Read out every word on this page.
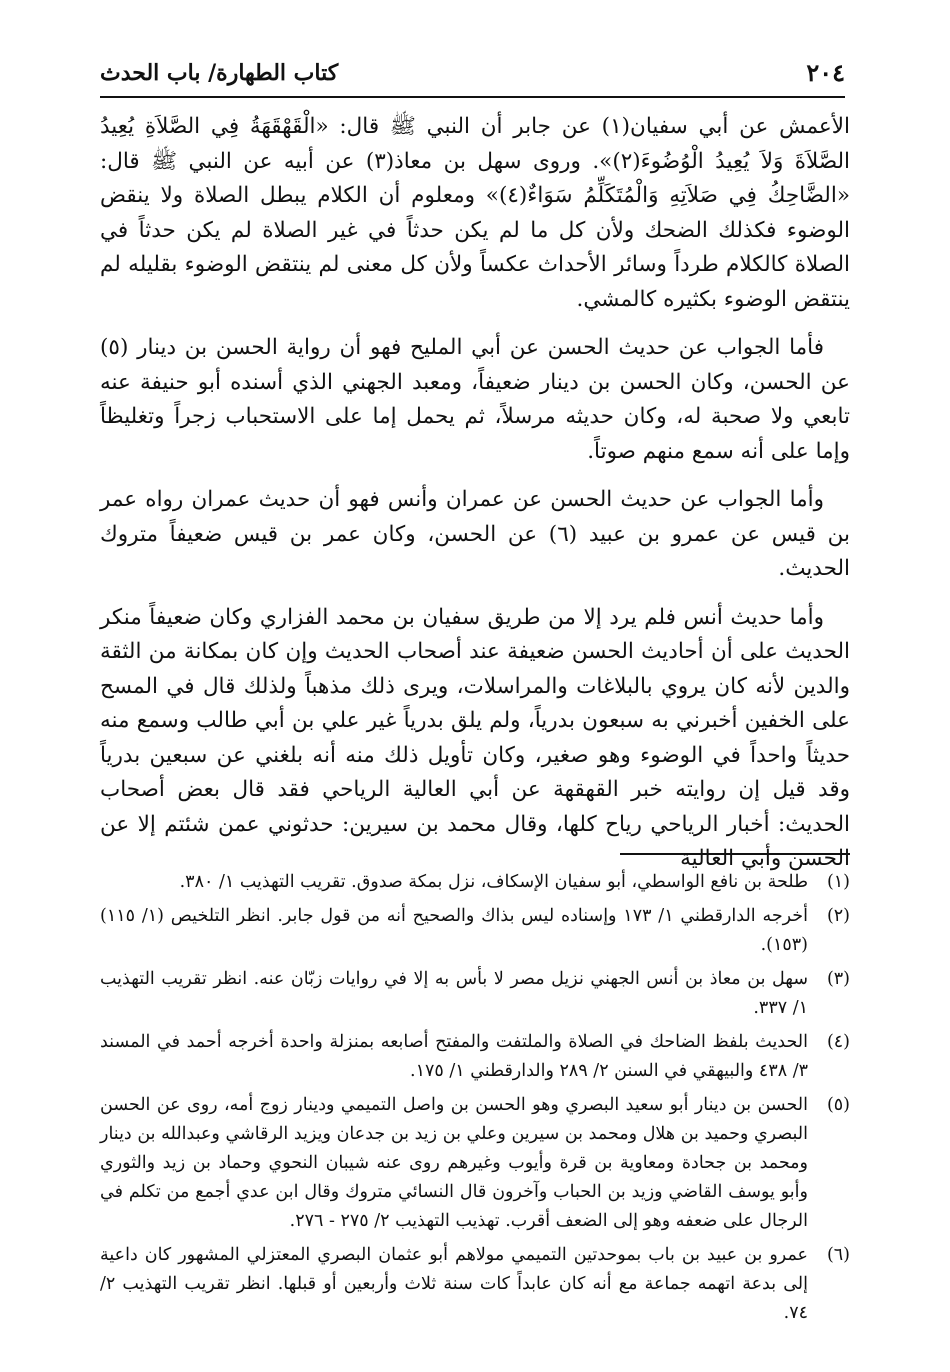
٢٠٤
كتاب الطهارة/ باب الحدث

الأعمش عن أبي سفيان(١) عن جابر أن النبي ﷺ قال: «الْقَهْقَهَةُ فِي الصَّلاَةِ يُعِيدُ الصَّلاَةَ وَلاَ يُعِيدُ الْوُضُوءَ(٢)». وروى سهل بن معاذ(٣) عن أبيه عن النبي ﷺ قال: «الضَّاحِكُ فِي صَلاَتِهِ وَالْمُتَكَلِّمُ سَوَاءٌ(٤)» ومعلوم أن الكلام يبطل الصلاة ولا ينقض الوضوء فكذلك الضحك ولأن كل ما لم يكن حدثاً في غير الصلاة لم يكن حدثاً في الصلاة كالكلام طرداً وسائر الأحداث عكساً ولأن كل معنى لم ينتقض الوضوء بقليله لم ينتقض الوضوء بكثيره كالمشي.

فأما الجواب عن حديث الحسن عن أبي المليح فهو أن رواية الحسن بن دينار (٥) عن الحسن، وكان الحسن بن دينار ضعيفاً، ومعبد الجهني الذي أسنده أبو حنيفة عنه تابعي ولا صحبة له، وكان حديثه مرسلاً، ثم يحمل إما على الاستحباب زجراً وتغليظاً وإما على أنه سمع منهم صوتاً.

وأما الجواب عن حديث الحسن عن عمران وأنس فهو أن حديث عمران رواه عمر بن قيس عن عمرو بن عبيد (٦) عن الحسن، وكان عمر بن قيس ضعيفاً متروك الحديث.

وأما حديث أنس فلم يرد إلا من طريق سفيان بن محمد الفزاري وكان ضعيفاً منكر الحديث على أن أحاديث الحسن ضعيفة عند أصحاب الحديث وإن كان بمكانة من الثقة والدين لأنه كان يروي بالبلاغات والمراسلات، ويرى ذلك مذهباً ولذلك قال في المسح على الخفين أخبرني به سبعون بدرياً، ولم يلق بدرياً غير علي بن أبي طالب وسمع منه حديثاً واحداً في الوضوء وهو صغير، وكان تأويل ذلك منه أنه بلغني عن سبعين بدرياً وقد قيل إن روايته خبر القهقهة عن أبي العالية الرياحي فقد قال بعض أصحاب الحديث: أخبار الرياحي رياح كلها، وقال محمد بن سيرين: حدثوني عمن شئتم إلا عن الحسن وأبي العالية

(١)
طلحة بن نافع الواسطي، أبو سفيان الإسكاف، نزل بمكة صدوق. تقريب التهذيب ١/ ٣٨٠.
(٢)
أخرجه الدارقطني ١/ ١٧٣ وإسناده ليس بذاك والصحيح أنه من قول جابر. انظر التلخيص (١/ ١١٥) (١٥٣).
(٣)
سهل بن معاذ بن أنس الجهني نزيل مصر لا بأس به إلا في روايات زبّان عنه. انظر تقريب التهذيب ١/ ٣٣٧.
(٤)
الحديث بلفظ الضاحك في الصلاة والملتفت والمفتح أصابعه بمنزلة واحدة أخرجه أحمد في المسند ٣/ ٤٣٨ والبيهقي في السنن ٢/ ٢٨٩ والدارقطني ١/ ١٧٥.
(٥)
الحسن بن دينار أبو سعيد البصري وهو الحسن بن واصل التميمي ودينار زوج أمه، روى عن الحسن البصري وحميد بن هلال ومحمد بن سيرين وعلي بن زيد بن جدعان ويزيد الرقاشي وعبدالله بن دينار ومحمد بن جحادة ومعاوية بن قرة وأيوب وغيرهم روى عنه شيبان النحوي وحماد بن زيد والثوري وأبو يوسف القاضي وزيد بن الحباب وآخرون قال النسائي متروك وقال ابن عدي أجمع من تكلم في الرجال على ضعفه وهو إلى الضعف أقرب. تهذيب التهذيب ٢/ ٢٧٥ - ٢٧٦.
(٦)
عمرو بن عبيد بن باب بموحدتين التميمي مولاهم أبو عثمان البصري المعتزلي المشهور كان داعية إلى بدعة اتهمه جماعة مع أنه كان عابداً كات سنة ثلاث وأربعين أو قبلها. انظر تقريب التهذيب ٢/ ٧٤.
